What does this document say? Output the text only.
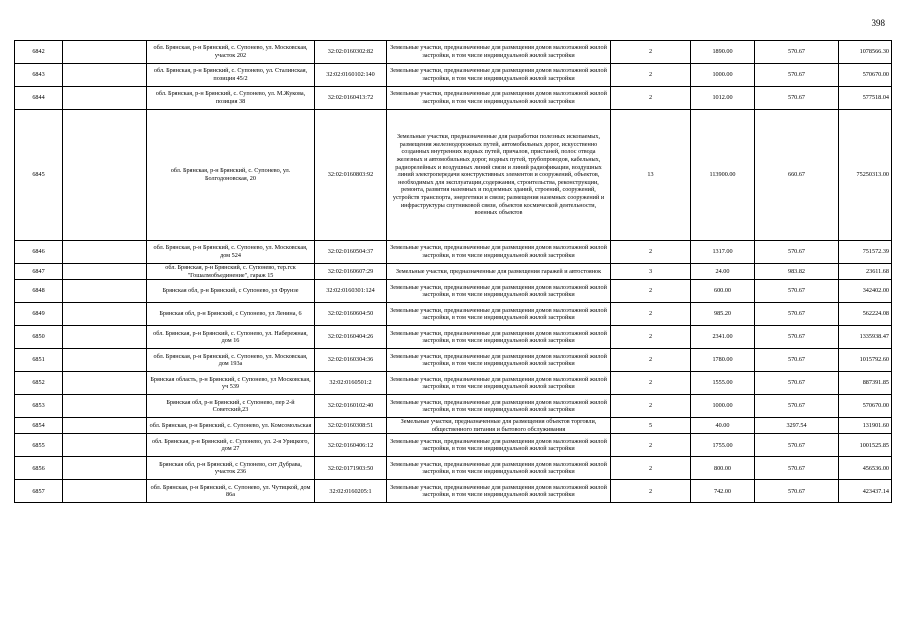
398
6842		обл. Брянская, р-н Брянский, с. Супонево, ул. Московская, участок 202	32:02:0160302:82	Земельные участки, предназначенные для размещения домов малоэтажной жилой застройки, в том числе индивидуальной жилой застройки	2	1890.00	570.67	1078566.30
6843		обл. Брянская, р-н Брянский, с. Супонево, ул. Сталинская, позиция 45/2	32:02:0160102:140	Земельные участки, предназначенные для размещения домов малоэтажной жилой застройки, в том числе индивидуальной жилой застройки	2	1000.00	570.67	570670.00
6844		обл. Брянская, р-н Брянский, с. Супонево, ул. М.Жукова, позиция 38	32:02:0160413:72	Земельные участки, предназначенные для размещения домов малоэтажной жилой застройки, в том числе индивидуальной жилой застройки	2	1012.00	570.67	577518.04
6845		обл. Брянская, р-н Брянский, с. Супонево, ул. Болгодоновская, 20	32:02:0160803:92	Земельные участки, предназначенные для разработки полезных ископаемых, размещения железнодорожных путей, автомобильных дорог, искусственно созданных внутренних водных путей, причалов, пристаней, полос отвода железных и автомобильных дорог, водных путей, трубопроводов, кабельных, радиорелейных и воздушных линий связи и линий радиофикации, воздушных линий электропередачи конструктивных элементов и сооружений, объектов, необходимых для эксплуатации,содержания, строительства, реконструкции, ремонта, развития наземных и подземных зданий, строений, сооружений, устройств транспорта, энергетики и связи; размещения наземных сооружений и инфраструктуры спутниковой связи, объектов космической деятельности, военных объектов	13	113900.00	660.67	75250313.00
6846		обл. Брянская, р-н Брянский, с. Супонево, ул. Московская, дом 524	32:02:0160504:37	Земельные участки, предназначенные для размещения домов малоэтажной жилой застройки, в том числе индивидуальной жилой застройки	2	1317.00	570.67	751572.39
6847		обл. Брянская, р-н Брянский, с. Супонево, тер.гск "Гошалмобъединение", гараж 15	32:02:0160607:29	Земельные участки, предназначенные для размещения гаражей и автостоянок	3	24.00	983.82	23611.68
6848		Брянская обл, р-н Брянский, с Супонево, ул Фрунзе	32:02:0160301:124	Земельные участки, предназначенные для размещения домов малоэтажной жилой застройки, в том числе индивидуальной жилой застройки	2	600.00	570.67	342402.00
6849		Брянская обл, р-н Брянский, с Супонево, ул Ленина, 6	32:02:0160604:50	Земельные участки, предназначенные для размещения домов малоэтажной жилой застройки, в том числе индивидуальной жилой застройки	2	985.20	570.67	562224.08
6850		обл. Брянская, р-н Брянский, с. Супонево, ул. Набережная, дом 16	32:02:0160404:26	Земельные участки, предназначенные для размещения домов малоэтажной жилой застройки, в том числе индивидуальной жилой застройки	2	2341.00	570.67	1335938.47
6851		обл. Брянская, р-н Брянский, с. Супонево, ул. Московская, дом 193а	32:02:0160304:36	Земельные участки, предназначенные для размещения домов малоэтажной жилой застройки, в том числе индивидуальной жилой застройки	2	1780.00	570.67	1015792.60
6852		Брянская область, р-н Брянский, с Супонево, ул Московская, уч 539	32:02:0160501:2	Земельные участки, предназначенные для размещения домов малоэтажной жилой застройки, в том числе индивидуальной жилой застройки	2	1555.00	570.67	887391.85
6853		Брянская обл, р-н Брянский, с Супонево, пер 2-й Советский,23	32:02:0160102:40	Земельные участки, предназначенные для размещения домов малоэтажной жилой застройки, в том числе индивидуальной жилой застройки	2	1000.00	570.67	570670.00
6854		обл. Брянская, р-н Брянский, с. Супонево, ул. Комсомольская	32:02:0160308:51	Земельные участки, предназначенные для размещения объектов торговли, общественного питания и бытового обслуживания	5	40.00	3297.54	131901.60
6855		обл. Брянская, р-н Брянский, с. Супонево, ул. 2-я Урицкого, дом 27	32:02:0160406:12	Земельные участки, предназначенные для размещения домов малоэтажной жилой застройки, в том числе индивидуальной жилой застройки	2	1755.00	570.67	1001525.85
6856		Брянская обл, р-н Брянский, с Супонево, снт Дубрава, участок 236	32:02:0171903:50	Земельные участки, предназначенные для размещения домов малоэтажной жилой застройки, в том числе индивидуальной жилой застройки	2	800.00	570.67	456536.00
6857		обл. Брянская, р-н Брянский, с. Супонево, ул. Чутицкой, дом 86а	32:02:0160205:1	Земельные участки, предназначенные для размещения домов малоэтажной жилой застройки, в том числе индивидуальной жилой застройки	2	742.00	570.67	423437.14
